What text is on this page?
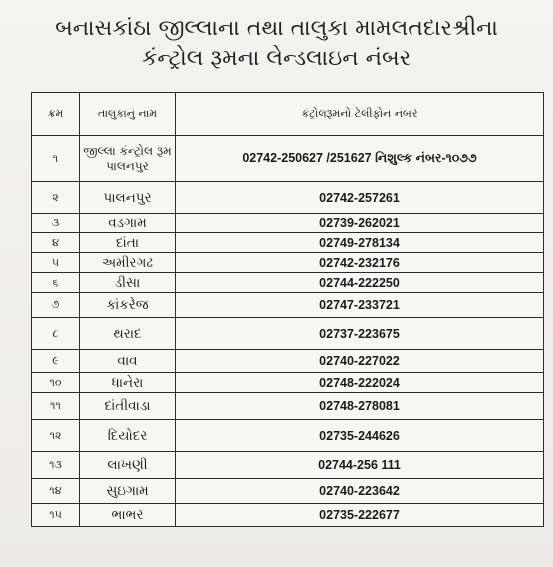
બનાસકાંઠા જીલ્લાના તથા તાલુકા મામલતદારશ્રીના
કંન્ટ્રોલ રૂમના લેન્ડલાઇન નંબર
ક્રમ	તાલુકાનું નામ	કંટ્રોલરૂમનો ટેલીફોન નંબર
૧	જીલ્લા કંન્ટ્રોલ રૂમ પાલનપુર	02742-250627 /251627 નિશુલ્ક નંબર-૧૦૭૭
૨	પાલનપુર	02742-257261
૩	વડગામ	02739-262021
૪	દાંતા	02749-278134
૫	અમીરગઢ	02742-232176
૬	ડીસા	02744-222250
૭	કાંકરેજ	02747-233721
૮	થરાદ	02737-223675
૯	વાવ	02740-227022
૧૦	ધાનેરા	02748-222024
૧૧	દાંતીવાડા	02748-278081
૧૨	દિયોદર	02735-244626
૧૩	લાખણી	02744-256 111
૧૪	સુઇગામ	02740-223642
૧૫	ભાભર	02735-222677
